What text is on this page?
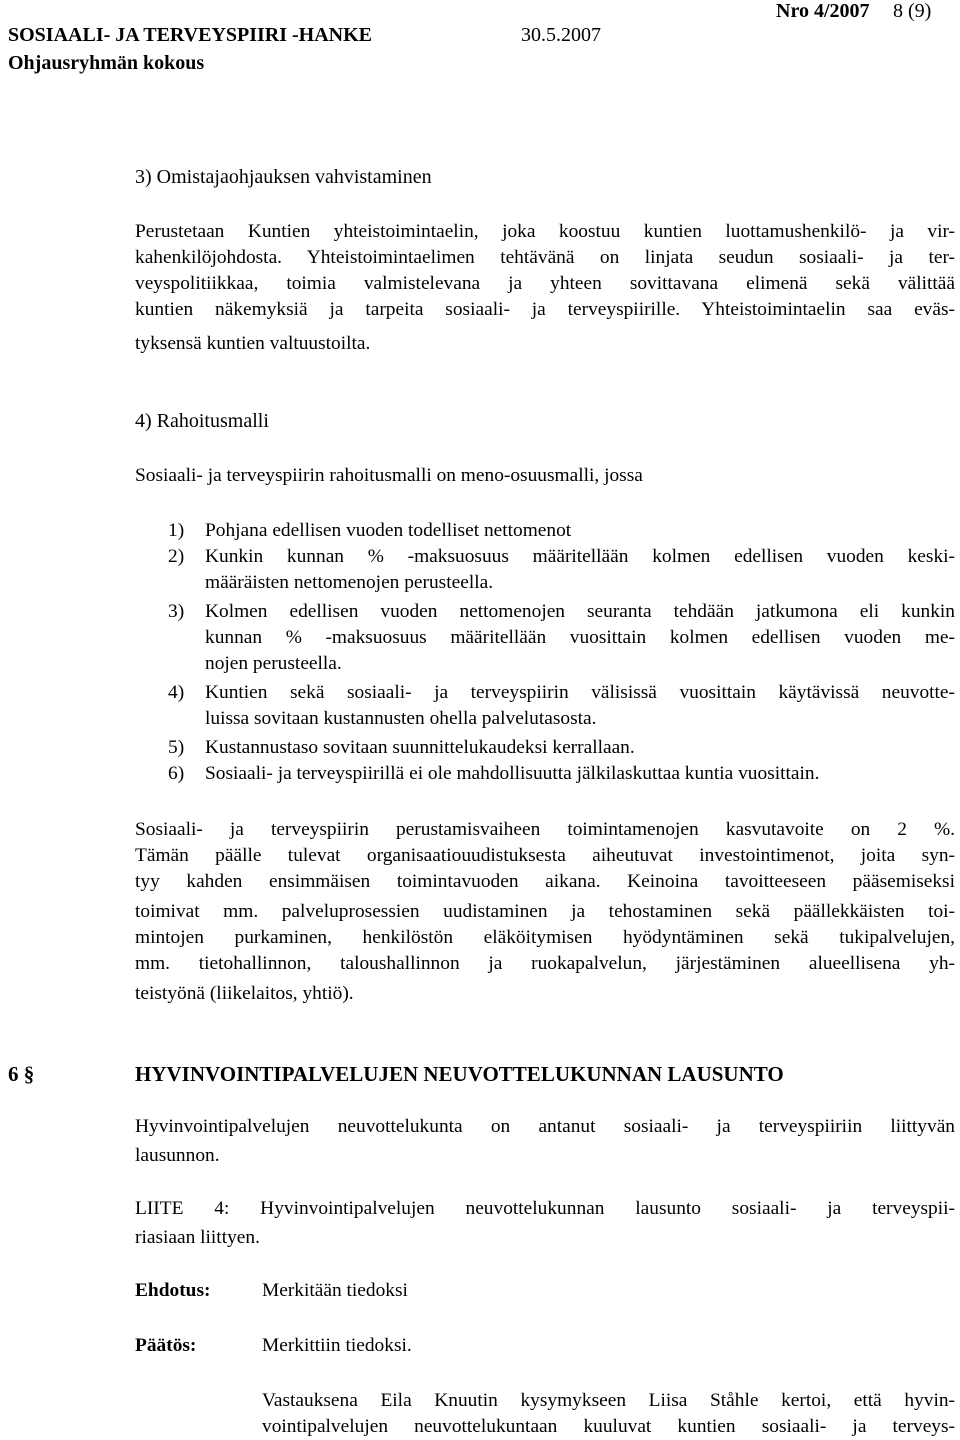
SOSIAALI- JA TERVEYSPIIRI -HANKE	30.5.2007
Nro 4/2007 8 (9)
Ohjausryhmän kokous
3) Omistajaohjauksen vahvistaminen
Perustetaan Kuntien yhteistoimintaelin, joka koostuu kuntien luottamushenkilö- ja vir-
kahenkilöjohdosta. Yhteistoimintaelimen tehtävänä on linjata seudun sosiaali- ja ter-
veyspolitiikkaa, toimia valmistelevana ja yhteen sovittavana elimenä sekä välittää
kuntien näkemyksiä ja tarpeita sosiaali- ja terveyspiirille. Yhteistoimintaelin saa eväs-
tyksensä kuntien valtuustoilta.
4) Rahoitusmalli
Sosiaali- ja terveyspiirin rahoitusmalli on meno-osuusmalli, jossa
1) Pohjana edellisen vuoden todelliset nettomenot
2) Kunkin kunnan % -maksuosuus määritellään kolmen edellisen vuoden keski-
määräisten nettomenojen perusteella.
3) Kolmen edellisen vuoden nettomenojen seuranta tehdään jatkumona eli kunkin
kunnan % -maksuosuus määritellään vuosittain kolmen edellisen vuoden me-
nojen perusteella.
4) Kuntien sekä sosiaali- ja terveyspiirin välisissä vuosittain käytävissä neuvotte-
luissa sovitaan kustannusten ohella palvelutasosta.
5) Kustannustaso sovitaan suunnittelukaudeksi kerrallaan.
6) Sosiaali- ja terveyspiirillä ei ole mahdollisuutta jälkilaskuttaa kuntia vuosittain.
Sosiaali- ja terveyspiirin perustamisvaiheen toimintamenojen kasvutavoite on 2 %.
Tämän päälle tulevat organisaatiouudistuksesta aiheutuvat investointimenot, joita syn-
tyy kahden ensimmäisen toimintavuoden aikana. Keinoina tavoitteeseen pääsemiseksi
toimivat mm. palveluprosessien uudistaminen ja tehostaminen sekä päällekkäisten toi-
mintojen purkaminen, henkilöstön eläköitymisen hyödyntäminen sekä tukipalvelujen,
mm. tietohallinnon, taloushallinnon ja ruokapalvelun, järjestäminen alueellisena yh-
teistyönä (liikelaitos, yhtiö).
6 §	HYVINVOINTIPALVELUJEN NEUVOTTELUKUNNAN LAUSUNTO
Hyvinvointipalvelujen neuvottelukunta on antanut sosiaali- ja terveyspiiriin liittyvän
lausunnon.
LIITE 4: Hyvinvointipalvelujen neuvottelukunnan lausunto sosiaali- ja terveyspii-
riasiaan liittyen.
Ehdotus:	Merkitään tiedoksi
Päätös:	Merkittiin tiedoksi.
Vastauksena Eila Knuutin kysymykseen Liisa Ståhle kertoi, että hyvin-
vointipalvelujen neuvottelukuntaan kuuluvat kuntien sosiaali- ja terveys-
